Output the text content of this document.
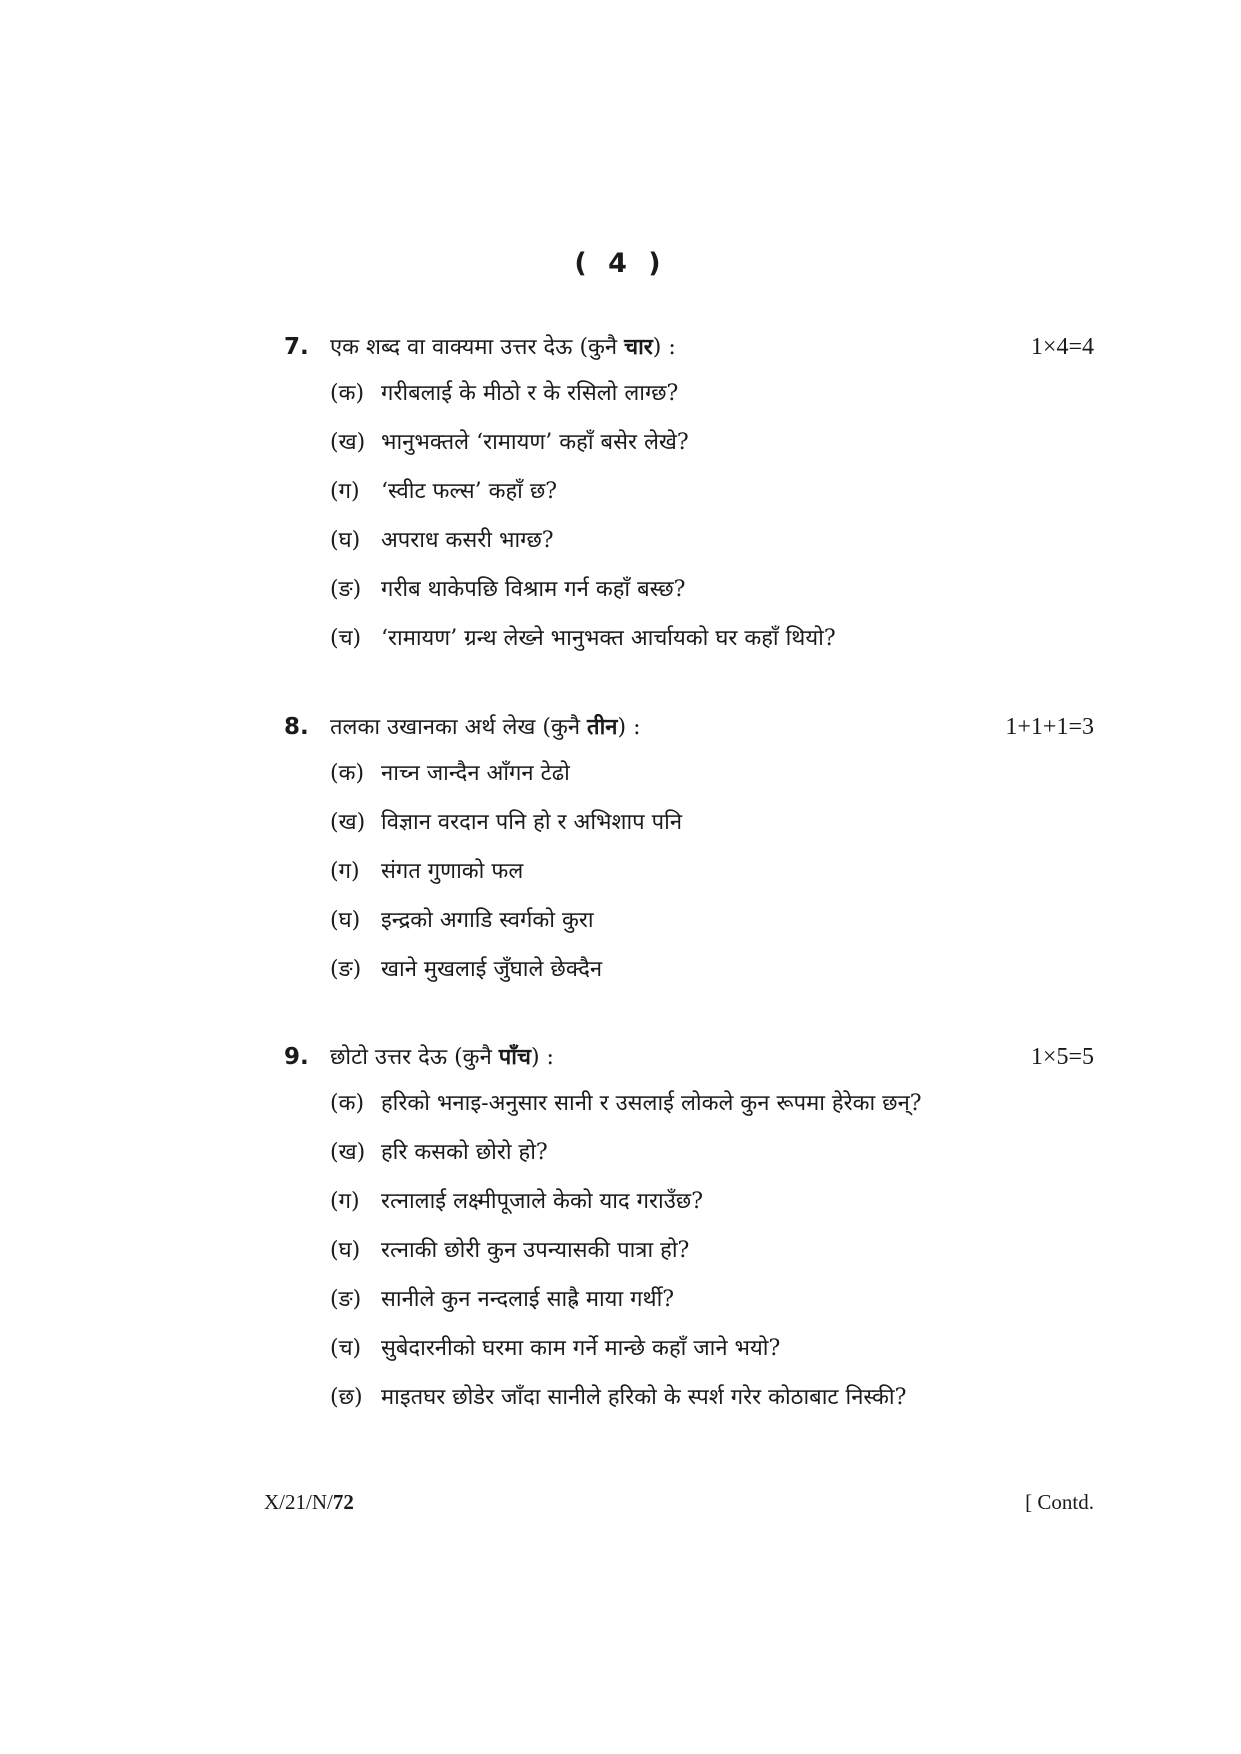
( 4 )
7. एक शब्द वा वाक्यमा उत्तर देऊ (कुनै चार) :	1×4=4
(क) गरीबलाई के मीठो र के रसिलो लाग्छ?
(ख) भानुभक्तले ‘रामायण’ कहाँ बसेर लेखे?
(ग) ‘स्वीट फल्स’ कहाँ छ?
(घ) अपराध कसरी भाग्छ?
(ङ) गरीब थाकेपछि विश्राम गर्न कहाँ बस्छ?
(च) ‘रामायण’ ग्रन्थ लेख्ने भानुभक्त आर्चायको घर कहाँ थियो?
8. तलका उखानका अर्थ लेख (कुनै तीन) :	1+1+1=3
(क) नाच्न जान्दैन आँगन टेढो
(ख) विज्ञान वरदान पनि हो र अभिशाप पनि
(ग) संगत गुणाको फल
(घ) इन्द्रको अगाडि स्वर्गको कुरा
(ङ) खाने मुखलाई जुँघाले छेक्दैन
9. छोटो उत्तर देऊ (कुनै पाँच) :	1×5=5
(क) हरिको भनाइ-अनुसार सानी र उसलाई लोकले कुन रूपमा हेरेका छन्?
(ख) हरि कसको छोरो हो?
(ग) रत्नालाई लक्ष्मीपूजाले केको याद गराउँछ?
(घ) रत्नाकी छोरी कुन उपन्यासकी पात्रा हो?
(ङ) सानीले कुन नन्दलाई साह्रै माया गर्थी?
(च) सुबेदारनीको घरमा काम गर्ने मान्छे कहाँ जाने भयो?
(छ) माइतघर छोडेर जाँदा सानीले हरिको के स्पर्श गरेर कोठाबाट निस्की?
X/21/N/72	[ Contd.
